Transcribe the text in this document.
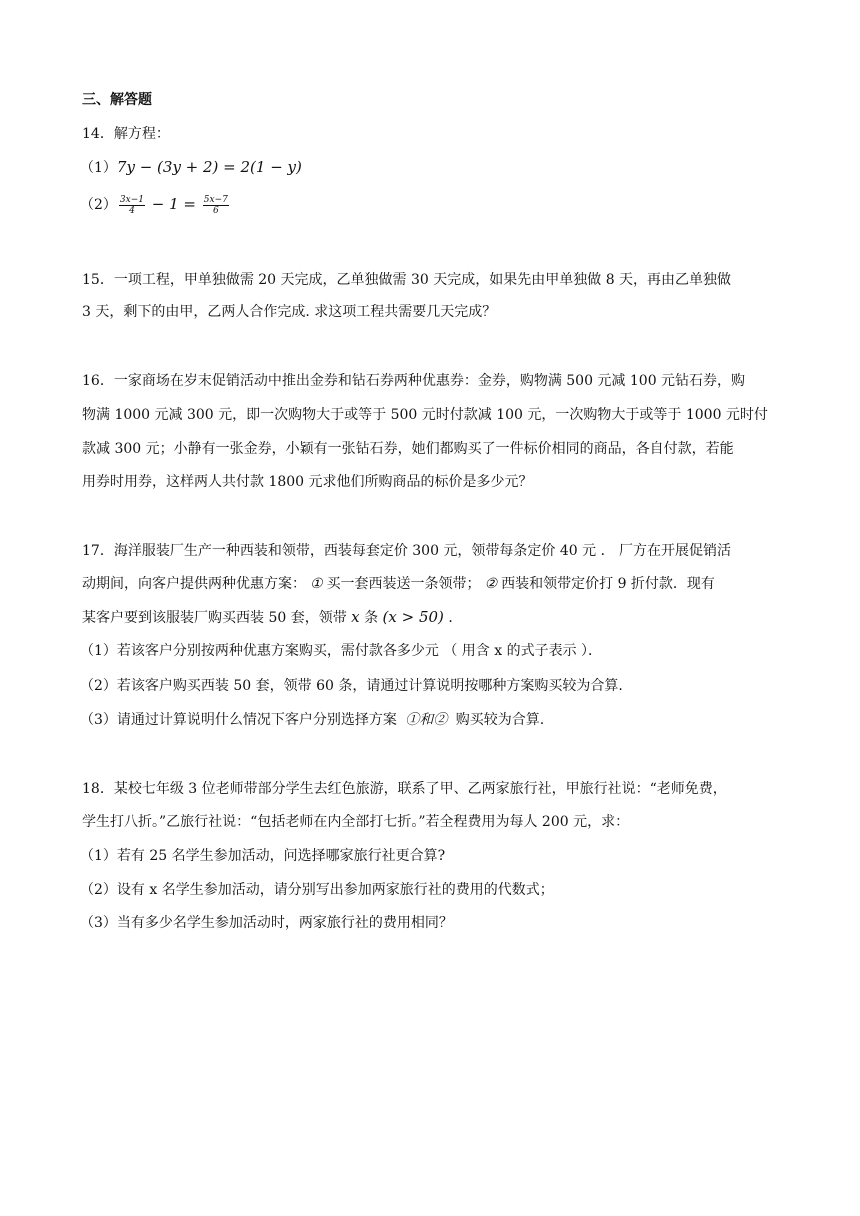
三、解答题
14．解方程：
（1）7y − (3y + 2) = 2(1 − y)
$(2) \frac{3x-1}{4} - 1 = \frac{5x-7}{6}$
15．一项工程，甲单独做需 20 天完成，乙单独做需 30 天完成，如果先由甲单独做 8 天，再由乙单独做
3 天，剩下的由甲，乙两人合作完成. 求这项工程共需要几天完成？
16．一家商场在岁末促销活动中推出金券和钻石券两种优惠券：金券，购物满 500 元减 100 元钻石券，购
物满 1000 元减 300 元，即一次购物大于或等于 500 元时付款减 100 元，一次购物大于或等于 1000 元时付
款减 300 元；小静有一张金券，小颖有一张钻石券，她们都购买了一件标价相同的商品，各自付款，若能
用券时用券，这样两人共付款 1800 元求他们所购商品的标价是多少元？
17．海洋服装厂生产一种西装和领带，西装每套定价 300 元，领带每条定价 40 元 ． 厂方在开展促销活
动期间，向客户提供两种优惠方案： ① 买一套西装送一条领带； ② 西装和领带定价打 9 折付款．现有
某客户要到该服装厂购买西装 50 套，领带 x 条 (x > 50) ．
（1）若该客户分别按两种优惠方案购买，需付款各多少元 （ 用含 x 的式子表示 ）．
（2）若该客户购买西装 50 套，领带 60 条，请通过计算说明按哪种方案购买较为合算.
（3）请通过计算说明什么情况下客户分别选择方案 ①和② 购买较为合算.
18．某校七年级 3 位老师带部分学生去红色旅游，联系了甲、乙两家旅行社，甲旅行社说：“老师免费，
学生打八折。”乙旅行社说：“包括老师在内全部打七折。”若全程费用为每人 200 元，求：
（1）若有 25 名学生参加活动，问选择哪家旅行社更合算?
（2）设有 x 名学生参加活动，请分别写出参加两家旅行社的费用的代数式；
（3）当有多少名学生参加活动时，两家旅行社的费用相同？
